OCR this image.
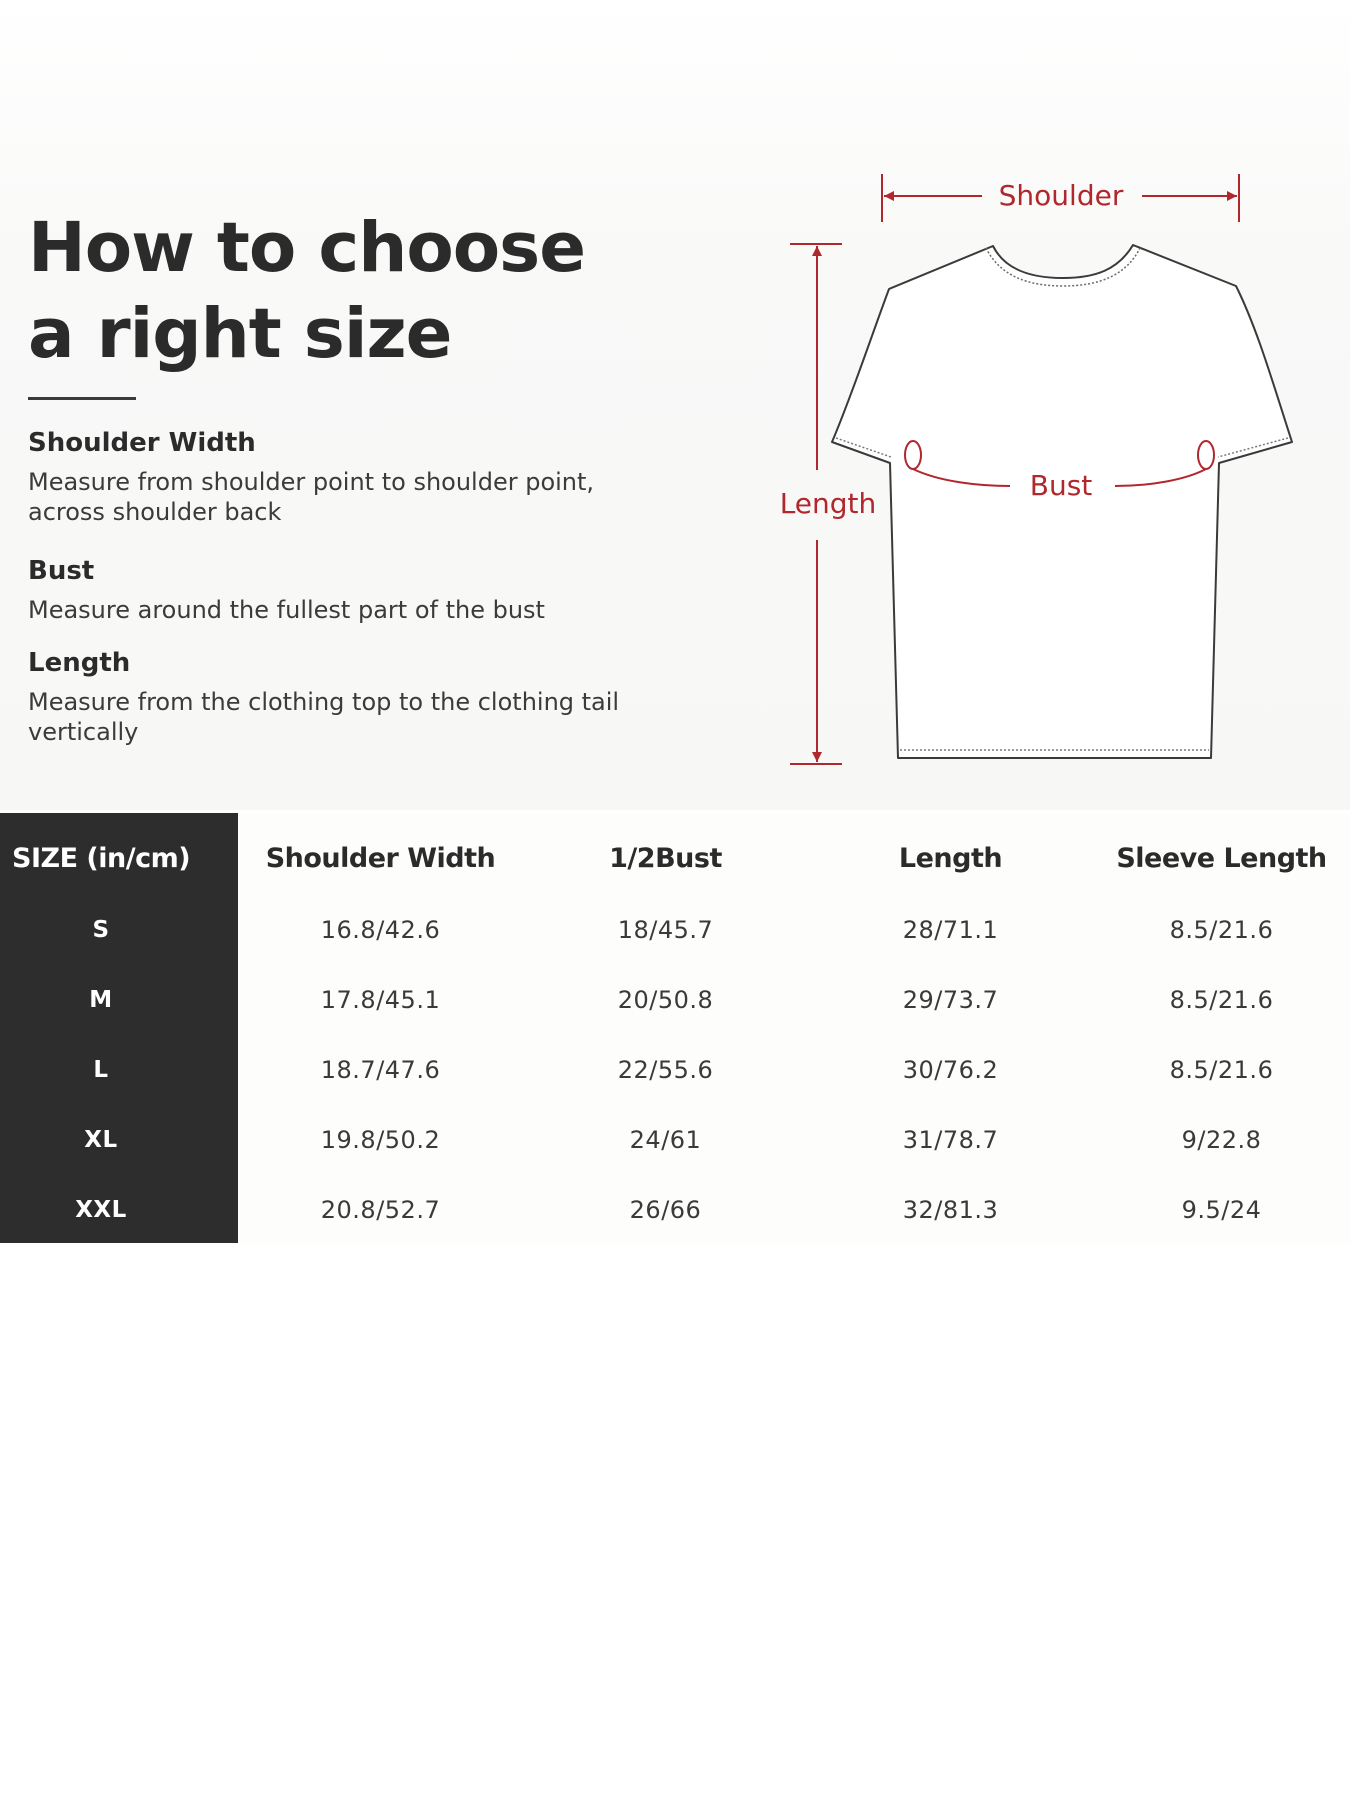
How to choose
a right size

Shoulder Width

Measure from shoulder point to shoulder point, across shoulder back

Bust

Measure around the fullest part of the bust

Length

Measure from the clothing top to the clothing tail vertically

Shoulder
Length
Bust
SIZE (in/cm)	Shoulder Width	1/2Bust	Length	Sleeve Length
S	16.8/42.6	18/45.7	28/71.1	8.5/21.6
M	17.8/45.1	20/50.8	29/73.7	8.5/21.6
L	18.7/47.6	22/55.6	30/76.2	8.5/21.6
XL	19.8/50.2	24/61	31/78.7	9/22.8
XXL	20.8/52.7	26/66	32/81.3	9.5/24
